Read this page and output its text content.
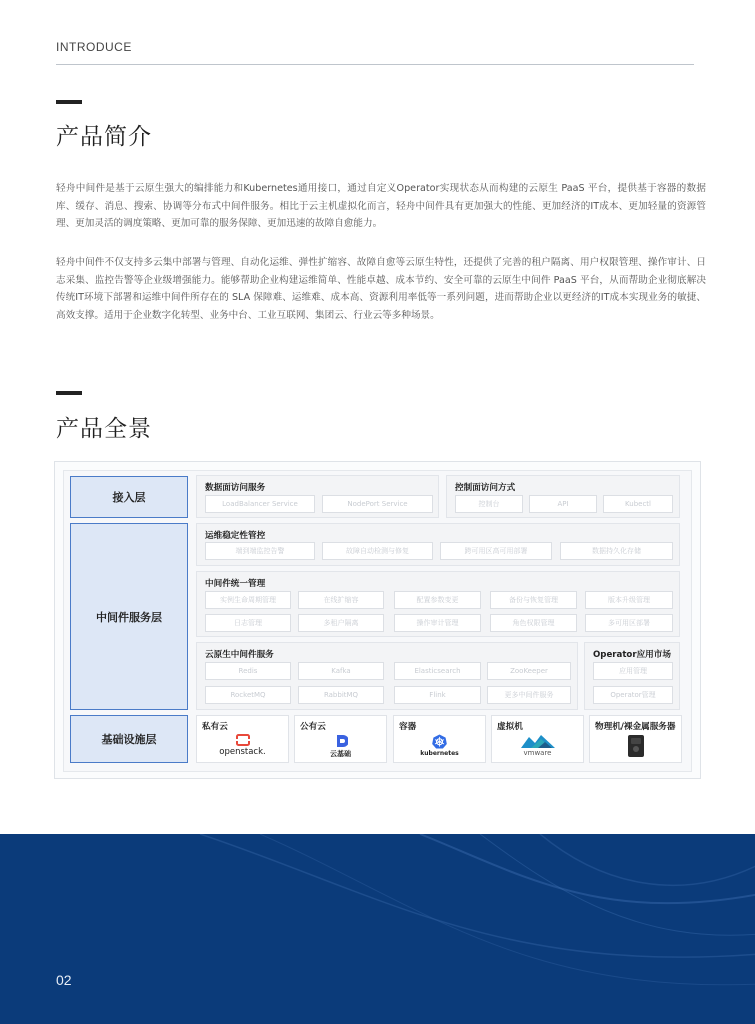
INTRODUCE
产品简介

轻舟中间件是基于云原生强大的编排能力和Kubernetes通用接口，通过自定义Operator实现状态从而构建的云原生 PaaS 平台，提供基于容器的数据库、缓存、消息、搜索、协调等分布式中间件服务。相比于云主机虚拟化而言，轻舟中间件具有更加强大的性能、更加经济的IT成本、更加轻量的资源管理、更加灵活的调度策略、更加可靠的服务保障、更加迅速的故障自愈能力。

轻舟中间件不仅支持多云集中部署与管理、自动化运维、弹性扩缩容、故障自愈等云原生特性，还提供了完善的租户隔离、用户权限管理、操作审计、日志采集、监控告警等企业级增强能力。能够帮助企业构建运维简单、性能卓越、成本节约、安全可靠的云原生中间件 PaaS 平台，从而帮助企业彻底解决传统IT环境下部署和运维中间件所存在的 SLA 保障难、运维难、成本高、资源利用率低等一系列问题，进而帮助企业以更经济的IT成本实现业务的敏捷、高效支撑。适用于企业数字化转型、业务中台、工业互联网、集团云、行业云等多种场景。

产品全景
接入层
中间件服务层
基础设施层
数据面访问服务
LoadBalancer Service	NodePort Service
控制面访问方式
控制台	API	Kubectl
运维稳定性管控
端到端监控告警	故障自动检测与修复	跨可用区高可用部署	数据持久化存储
中间件统一管理
实例生命周期管理	在线扩缩容	配置参数变更	备份与恢复管理	版本升级管理
日志管理	多租户隔离	操作审计管理	角色权限管理	多可用区部署
云原生中间件服务
Redis	Kafka	Elasticsearch	ZooKeeper
RocketMQ	RabbitMQ	Flink	更多中间件服务
Operator应用市场
应用管理
Operator管理
私有云
openstack.
公有云
云基础
容器
kubernetes
虚拟机
vmware
物理机/裸金属服务器
02
